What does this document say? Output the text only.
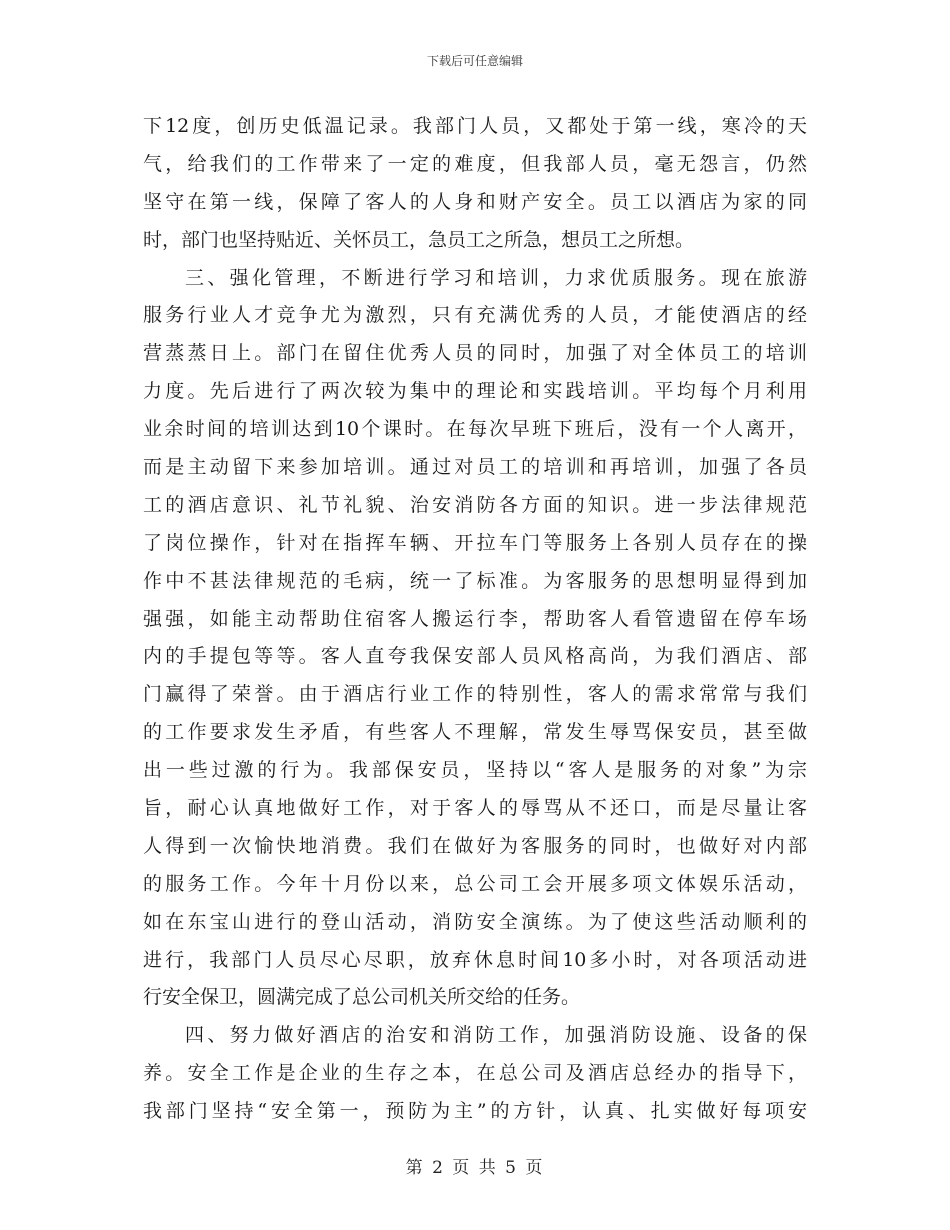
下载后可任意编辑
下12度，创历史低温记录。我部门人员，又都处于第一线，寒冷的天
气，给我们的工作带来了一定的难度，但我部人员，毫无怨言，仍然
坚守在第一线，保障了客人的人身和财产安全。员工以酒店为家的同
时，部门也坚持贴近、关怀员工，急员工之所急，想员工之所想。
三、强化管理，不断进行学习和培训，力求优质服务。现在旅游
服务行业人才竞争尤为激烈，只有充满优秀的人员，才能使酒店的经
营蒸蒸日上。部门在留住优秀人员的同时，加强了对全体员工的培训
力度。先后进行了两次较为集中的理论和实践培训。平均每个月利用
业余时间的培训达到10个课时。在每次早班下班后，没有一个人离开，
而是主动留下来参加培训。通过对员工的培训和再培训，加强了各员
工的酒店意识、礼节礼貌、治安消防各方面的知识。进一步法律规范
了岗位操作，针对在指挥车辆、开拉车门等服务上各别人员存在的操
作中不甚法律规范的毛病，统一了标准。为客服务的思想明显得到加
强强，如能主动帮助住宿客人搬运行李，帮助客人看管遗留在停车场
内的手提包等等。客人直夸我保安部人员风格高尚，为我们酒店、部
门赢得了荣誉。由于酒店行业工作的特别性，客人的需求常常与我们
的工作要求发生矛盾，有些客人不理解，常发生辱骂保安员，甚至做
出一些过激的行为。我部保安员，坚持以“客人是服务的对象”为宗
旨，耐心认真地做好工作，对于客人的辱骂从不还口，而是尽量让客
人得到一次愉快地消费。我们在做好为客服务的同时，也做好对内部
的服务工作。今年十月份以来，总公司工会开展多项文体娱乐活动，
如在东宝山进行的登山活动，消防安全演练。为了使这些活动顺利的
进行，我部门人员尽心尽职，放弃休息时间10多小时，对各项活动进
行安全保卫，圆满完成了总公司机关所交给的任务。
四、努力做好酒店的治安和消防工作，加强消防设施、设备的保
养。安全工作是企业的生存之本，在总公司及酒店总经办的指导下，
我部门坚持“安全第一，预防为主”的方针，认真、扎实做好每项安
第 2 页 共 5 页
